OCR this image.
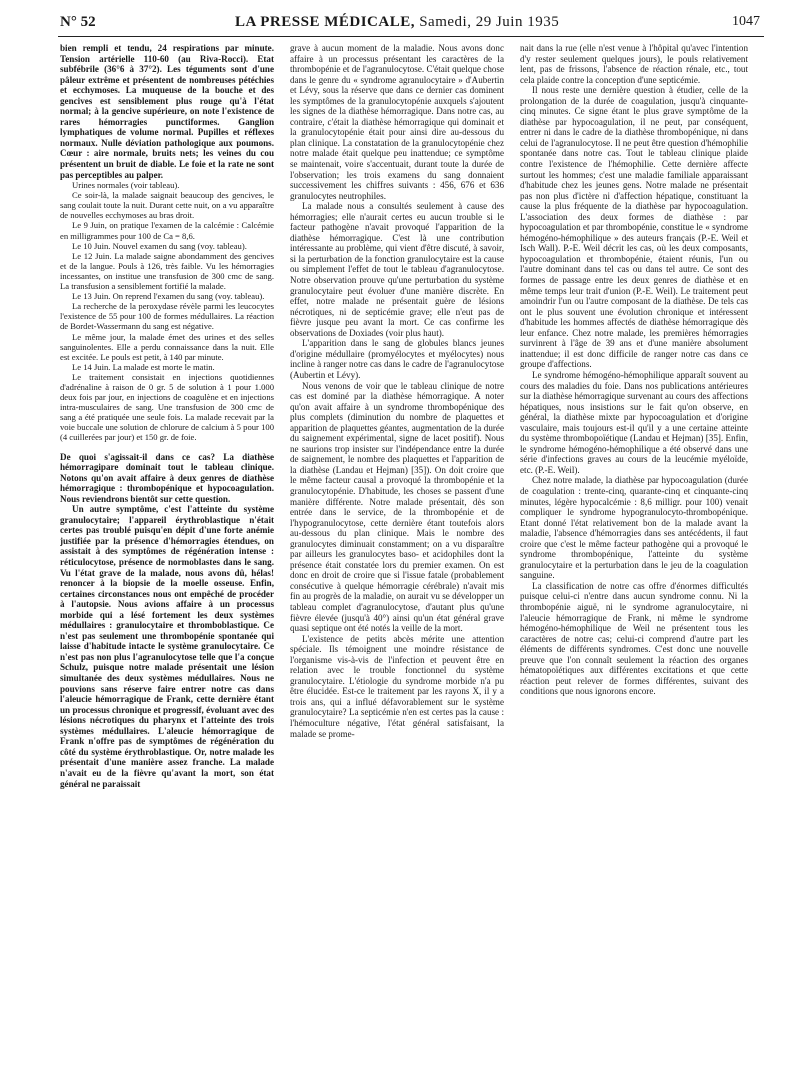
N° 52	LA PRESSE MÉDICALE, Samedi, 29 Juin 1935	1047

bien rempli et tendu, 24 respirations par minute. Tension artérielle 110-60 (au Riva-Rocci). Etat subfébrile (36°6 à 37°2). Les téguments sont d'une pâleur extrême et présentent de nombreuses pétéchies et ecchymoses. La muqueuse de la bouche et des gencives est sensiblement plus rouge qu'à l'état normal; à la gencive supérieure, on note l'existence de rares hémorragies punctiformes. Ganglion lymphatiques de volume normal. Pupilles et réflexes normaux. Nulle déviation pathologique aux poumons. Cœur : aire normale, bruits nets; les veines du cou présentent un bruit de diable. Le foie et la rate ne sont pas perceptibles au palper.

Urines normales (voir tableau).

Ce soir-là, la malade saignait beaucoup des gencives, le sang coulait toute la nuit. Durant cette nuit, on a vu apparaître de nouvelles ecchymoses au bras droit.

Le 9 Juin, on pratique l'examen de la calcémie : Calcémie en milligrammes pour 100 de Ca = 8,6.

Le 10 Juin. Nouvel examen du sang (voy. tableau).

Le 12 Juin. La malade saigne abondamment des gencives et de la langue. Pouls à 126, très faible. Vu les hémorragies incessantes, on institue une transfusion de 300 cmc de sang. La transfusion a sensiblement fortifié la malade.

Le 13 Juin. On reprend l'examen du sang (voy. tableau).

La recherche de la peroxydase révèle parmi les leucocytes l'existence de 55 pour 100 de formes médullaires. La réaction de Bordet-Wassermann du sang est négative.

Le même jour, la malade émet des urines et des selles sanguinolentes. Elle a perdu connaissance dans la nuit. Elle est excitée. Le pouls est petit, à 140 par minute.

Le 14 Juin. La malade est morte le matin.

Le traitement consistait en injections quotidiennes d'adrénaline à raison de 0 gr. 5 de solution à 1 pour 1.000 deux fois par jour, en injections de coagulène et en injections intra-musculaires de sang. Une transfusion de 300 cmc de sang a été pratiquée une seule fois. La malade recevait par la voie buccale une solution de chlorure de calcium à 5 pour 100 (4 cuillerées par jour) et 150 gr. de foie.

De quoi s'agissait-il dans ce cas? La diathèse hémorragipare dominait tout le tableau clinique. Notons qu'on avait affaire à deux genres de diathèse hémorragique : thrombopénique et hypocoagulation. Nous reviendrons bientôt sur cette question.

Un autre symptôme, c'est l'atteinte du système granulocytaire; l'appareil érythroblastique n'était certes pas troublé puisqu'en dépit d'une forte anémie justifiée par la présence d'hémorragies étendues, on assistait à des symptômes de régénération intense : réticulocytose, présence de normoblastes dans le sang. Vu l'état grave de la malade, nous avons dû, hélas! renoncer à la biopsie de la moelle osseuse. Enfin, certaines circonstances nous ont empêché de procéder à l'autopsie. Nous avions affaire à un processus morbide qui a lésé fortement les deux systèmes médullaires : granulocytaire et thromboblastique. Ce n'est pas seulement une thrombopénie spontanée qui laisse d'habitude intacte le système granulocytaire. Ce n'est pas non plus l'agranulocytose telle que l'a conçue Schulz, puisque notre malade présentait une lésion simultanée des deux systèmes médullaires. Nous ne pouvions sans réserve faire entrer notre cas dans l'aleucie hémorragique de Frank, cette dernière étant un processus chronique et progressif, évoluant avec des lésions nécrotiques du pharynx et l'atteinte des trois systèmes médullaires. L'aleucie hémorragique de Frank n'offre pas de symptômes de régénération du côté du système érythroblastique. Or, notre malade les présentait d'une manière assez franche. La malade n'avait eu de la fièvre qu'avant la mort, son état général ne paraissait

grave à aucun moment de la maladie. Nous avons donc affaire à un processus présentant les caractères de la thrombopénie et de l'agranulocytose. C'était quelque chose dans le genre du « syndrome agranulocytaire » d'Aubertin et Lévy, sous la réserve que dans ce dernier cas dominent les symptômes de la granulocytopénie auxquels s'ajoutent les signes de la diathèse hémorragique. Dans notre cas, au contraire, c'était la diathèse hémorragique qui dominait et la granulocytopénie était pour ainsi dire au-dessous du plan clinique. La constatation de la granulocytopénie chez notre malade était quelque peu inattendue; ce symptôme se maintenait, voire s'accentuait, durant toute la durée de l'observation; les trois examens du sang donnaient successivement les chiffres suivants : 456, 676 et 636 granulocytes neutrophiles.

La malade nous a consultés seulement à cause des hémorragies; elle n'aurait certes eu aucun trouble si le facteur pathogène n'avait provoqué l'apparition de la diathèse hémorragique. C'est là une contribution intéressante au problème, qui vient d'être discuté, à savoir, si la perturbation de la fonction granulocytaire est la cause ou simplement l'effet de tout le tableau d'agranulocytose. Notre observation prouve qu'une perturbation du système granulocytaire peut évoluer d'une manière discrète. En effet, notre malade ne présentait guère de lésions nécrotiques, ni de septicémie grave; elle n'eut pas de fièvre jusque peu avant la mort. Ce cas confirme les observations de Doxiades (voir plus haut).

L'apparition dans le sang de globules blancs jeunes d'origine médullaire (promyélocytes et myélocytes) nous incline à ranger notre cas dans le cadre de l'agranulocytose (Aubertin et Lévy).

Nous venons de voir que le tableau clinique de notre cas est dominé par la diathèse hémorragique. A noter qu'on avait affaire à un syndrome thrombopénique des plus complets (diminution du nombre de plaquettes et apparition de plaquettes géantes, augmentation de la durée du saignement expérimental, signe de lacet positif). Nous ne saurions trop insister sur l'indépendance entre la durée de saignement, le nombre des plaquettes et l'apparition de la diathèse (Landau et Hejman) [35]). On doit croire que le même facteur causal a provoqué la thrombopénie et la granulocytopénie. D'habitude, les choses se passent d'une manière différente. Notre malade présentait, dès son entrée dans le service, de la thrombopénie et de l'hypogranulocytose, cette dernière étant toutefois alors au-dessous du plan clinique. Mais le nombre des granulocytes diminuait constamment; on a vu disparaître par ailleurs les granulocytes baso- et acidophiles dont la présence était constatée lors du premier examen. On est donc en droit de croire que si l'issue fatale (probablement consécutive à quelque hémorragie cérébrale) n'avait mis fin au progrès de la maladie, on aurait vu se développer un tableau complet d'agranulocytose, d'autant plus qu'une fièvre élevée (jusqu'à 40°) ainsi qu'un état général grave quasi septique ont été notés la veille de la mort.

L'existence de petits abcès mérite une attention spéciale. Ils témoignent une moindre résistance de l'organisme vis-à-vis de l'infection et peuvent être en relation avec le trouble fonctionnel du système granulocytaire. L'étiologie du syndrome morbide n'a pu être élucidée. Est-ce le traitement par les rayons X, il y a trois ans, qui a influé défavorablement sur le système granulocytaire? La septicémie n'en est certes pas la cause : l'hémoculture négative, l'état général satisfaisant, la malade se prome-

nait dans la rue (elle n'est venue à l'hôpital qu'avec l'intention d'y rester seulement quelques jours), le pouls relativement lent, pas de frissons, l'absence de réaction rénale, etc., tout cela plaide contre la conception d'une septicémie.

Il nous reste une dernière question à étudier, celle de la prolongation de la durée de coagulation, jusqu'à cinquante-cinq minutes. Ce signe étant le plus grave symptôme de la diathèse par hypocoagulation, il ne peut, par conséquent, entrer ni dans le cadre de la diathèse thrombopénique, ni dans celui de l'agranulocytose. Il ne peut être question d'hémophilie spontanée dans notre cas. Tout le tableau clinique plaide contre l'existence de l'hémophilie. Cette dernière affecte surtout les hommes; c'est une maladie familiale apparaissant d'habitude chez les jeunes gens. Notre malade ne présentait pas non plus d'ictère ni d'affection hépatique, constituant la cause la plus fréquente de la diathèse par hypocoagulation. L'association des deux formes de diathèse : par hypocoagulation et par thrombopénie, constitue le « syndrome hémogéno-hémophilique » des auteurs français (P.-E. Weil et Isch Wall). P.-E. Weil décrit les cas, où les deux composants, hypocoagulation et thrombopénie, étaient réunis, l'un ou l'autre dominant dans tel cas ou dans tel autre. Ce sont des formes de passage entre les deux genres de diathèse et en même temps leur trait d'union (P.-E. Weil). Le traitement peut amoindrir l'un ou l'autre composant de la diathèse. De tels cas ont le plus souvent une évolution chronique et intéressent d'habitude les hommes affectés de diathèse hémorragique dès leur enfance. Chez notre malade, les premières hémorragies survinrent à l'âge de 39 ans et d'une manière absolument inattendue; il est donc difficile de ranger notre cas dans ce groupe d'affections.

Le syndrome hémogéno-hémophilique apparaît souvent au cours des maladies du foie. Dans nos publications antérieures sur la diathèse hémorragique survenant au cours des affections hépatiques, nous insistions sur le fait qu'on observe, en général, la diathèse mixte par hypocoagulation et d'origine vasculaire, mais toujours est-il qu'il y a une certaine atteinte du système thrombopoïétique (Landau et Hejman) [35]. Enfin, le syndrome hémogéno-hémophilique a été observé dans une série d'infections graves au cours de la leucémie myéloïde, etc. (P.-E. Weil).

Chez notre malade, la diathèse par hypocoagulation (durée de coagulation : trente-cinq, quarante-cinq et cinquante-cinq minutes, légère hypocalcémie : 8,6 milligr. pour 100) venait compliquer le syndrome hypogranulocyto-thrombopénique. Etant donné l'état relativement bon de la malade avant la maladie, l'absence d'hémorragies dans ses antécédents, il faut croire que c'est le même facteur pathogène qui a provoqué le syndrome thrombopénique, l'atteinte du système granulocytaire et la perturbation dans le jeu de la coagulation sanguine.

La classification de notre cas offre d'énormes difficultés puisque celui-ci n'entre dans aucun syndrome connu. Ni la thrombopénie aiguë, ni le syndrome agranulocytaire, ni l'aleucie hémorragique de Frank, ni même le syndrome hémogéno-hémophilique de Weil ne présentent tous les caractères de notre cas; celui-ci comprend d'autre part les éléments de différents syndromes. C'est donc une nouvelle preuve que l'on connaît seulement la réaction des organes hématopoïétiques aux différentes excitations et que cette réaction peut relever de formes différentes, suivant des conditions que nous ignorons encore.
